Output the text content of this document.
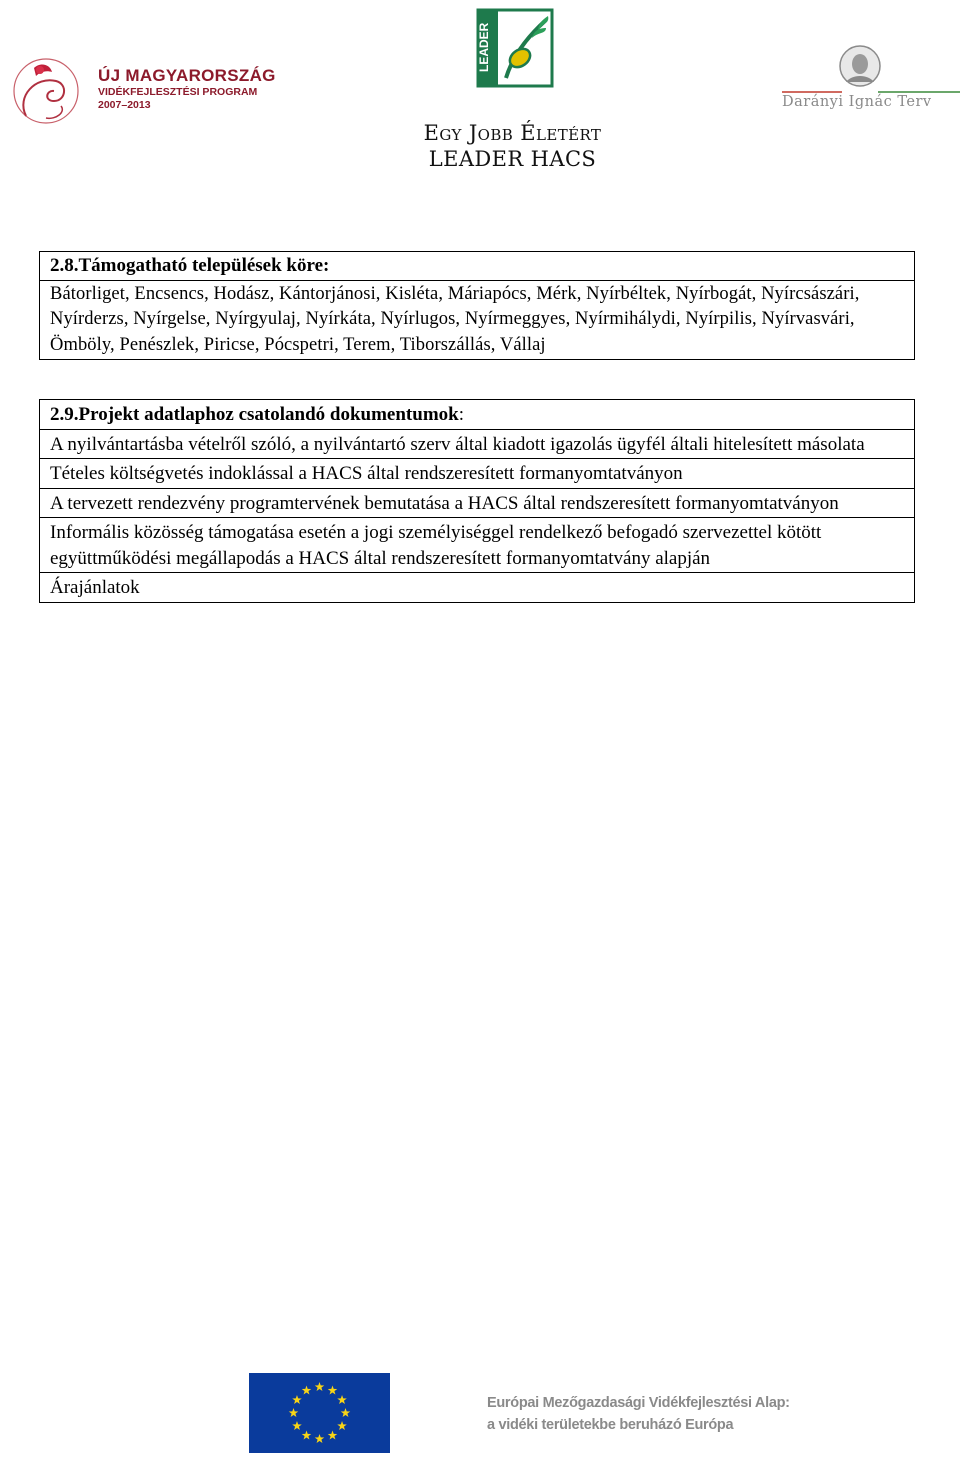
ÚJ MAGYARORSZÁG
VIDÉKFEJLESZTÉSI PROGRAM
2007–2013
LEADER
Darányi Ignác Terv
Egy Jobb Életért
LEADER HACS
2.8.Támogatható települések köre:
Bátorliget, Encsencs, Hodász, Kántorjánosi, Kisléta, Máriapócs, Mérk, Nyírbéltek, Nyírbogát, Nyírcsászári, Nyírderzs, Nyírgelse, Nyírgyulaj, Nyírkáta, Nyírlugos, Nyírmeggyes, Nyírmihálydi, Nyírpilis, Nyírvasvári, Ömböly, Penészlek, Piricse, Pócspetri, Terem, Tiborszállás, Vállaj
2.9.Projekt adatlaphoz csatolandó dokumentumok:
A nyilvántartásba vételről szóló, a nyilvántartó szerv által kiadott igazolás ügyfél általi hitelesített másolata
Tételes költségvetés indoklással a HACS által rendszeresített formanyomtatványon
A tervezett rendezvény programtervének bemutatása a HACS által rendszeresített formanyomtatványon
Informális közösség támogatása esetén a jogi személyiséggel rendelkező befogadó szervezettel kötött együttműködési megállapodás a HACS által rendszeresített formanyomtatvány alapján
Árajánlatok
Európai Mezőgazdasági Vidékfejlesztési Alap:
a vidéki területekbe beruházó Európa
